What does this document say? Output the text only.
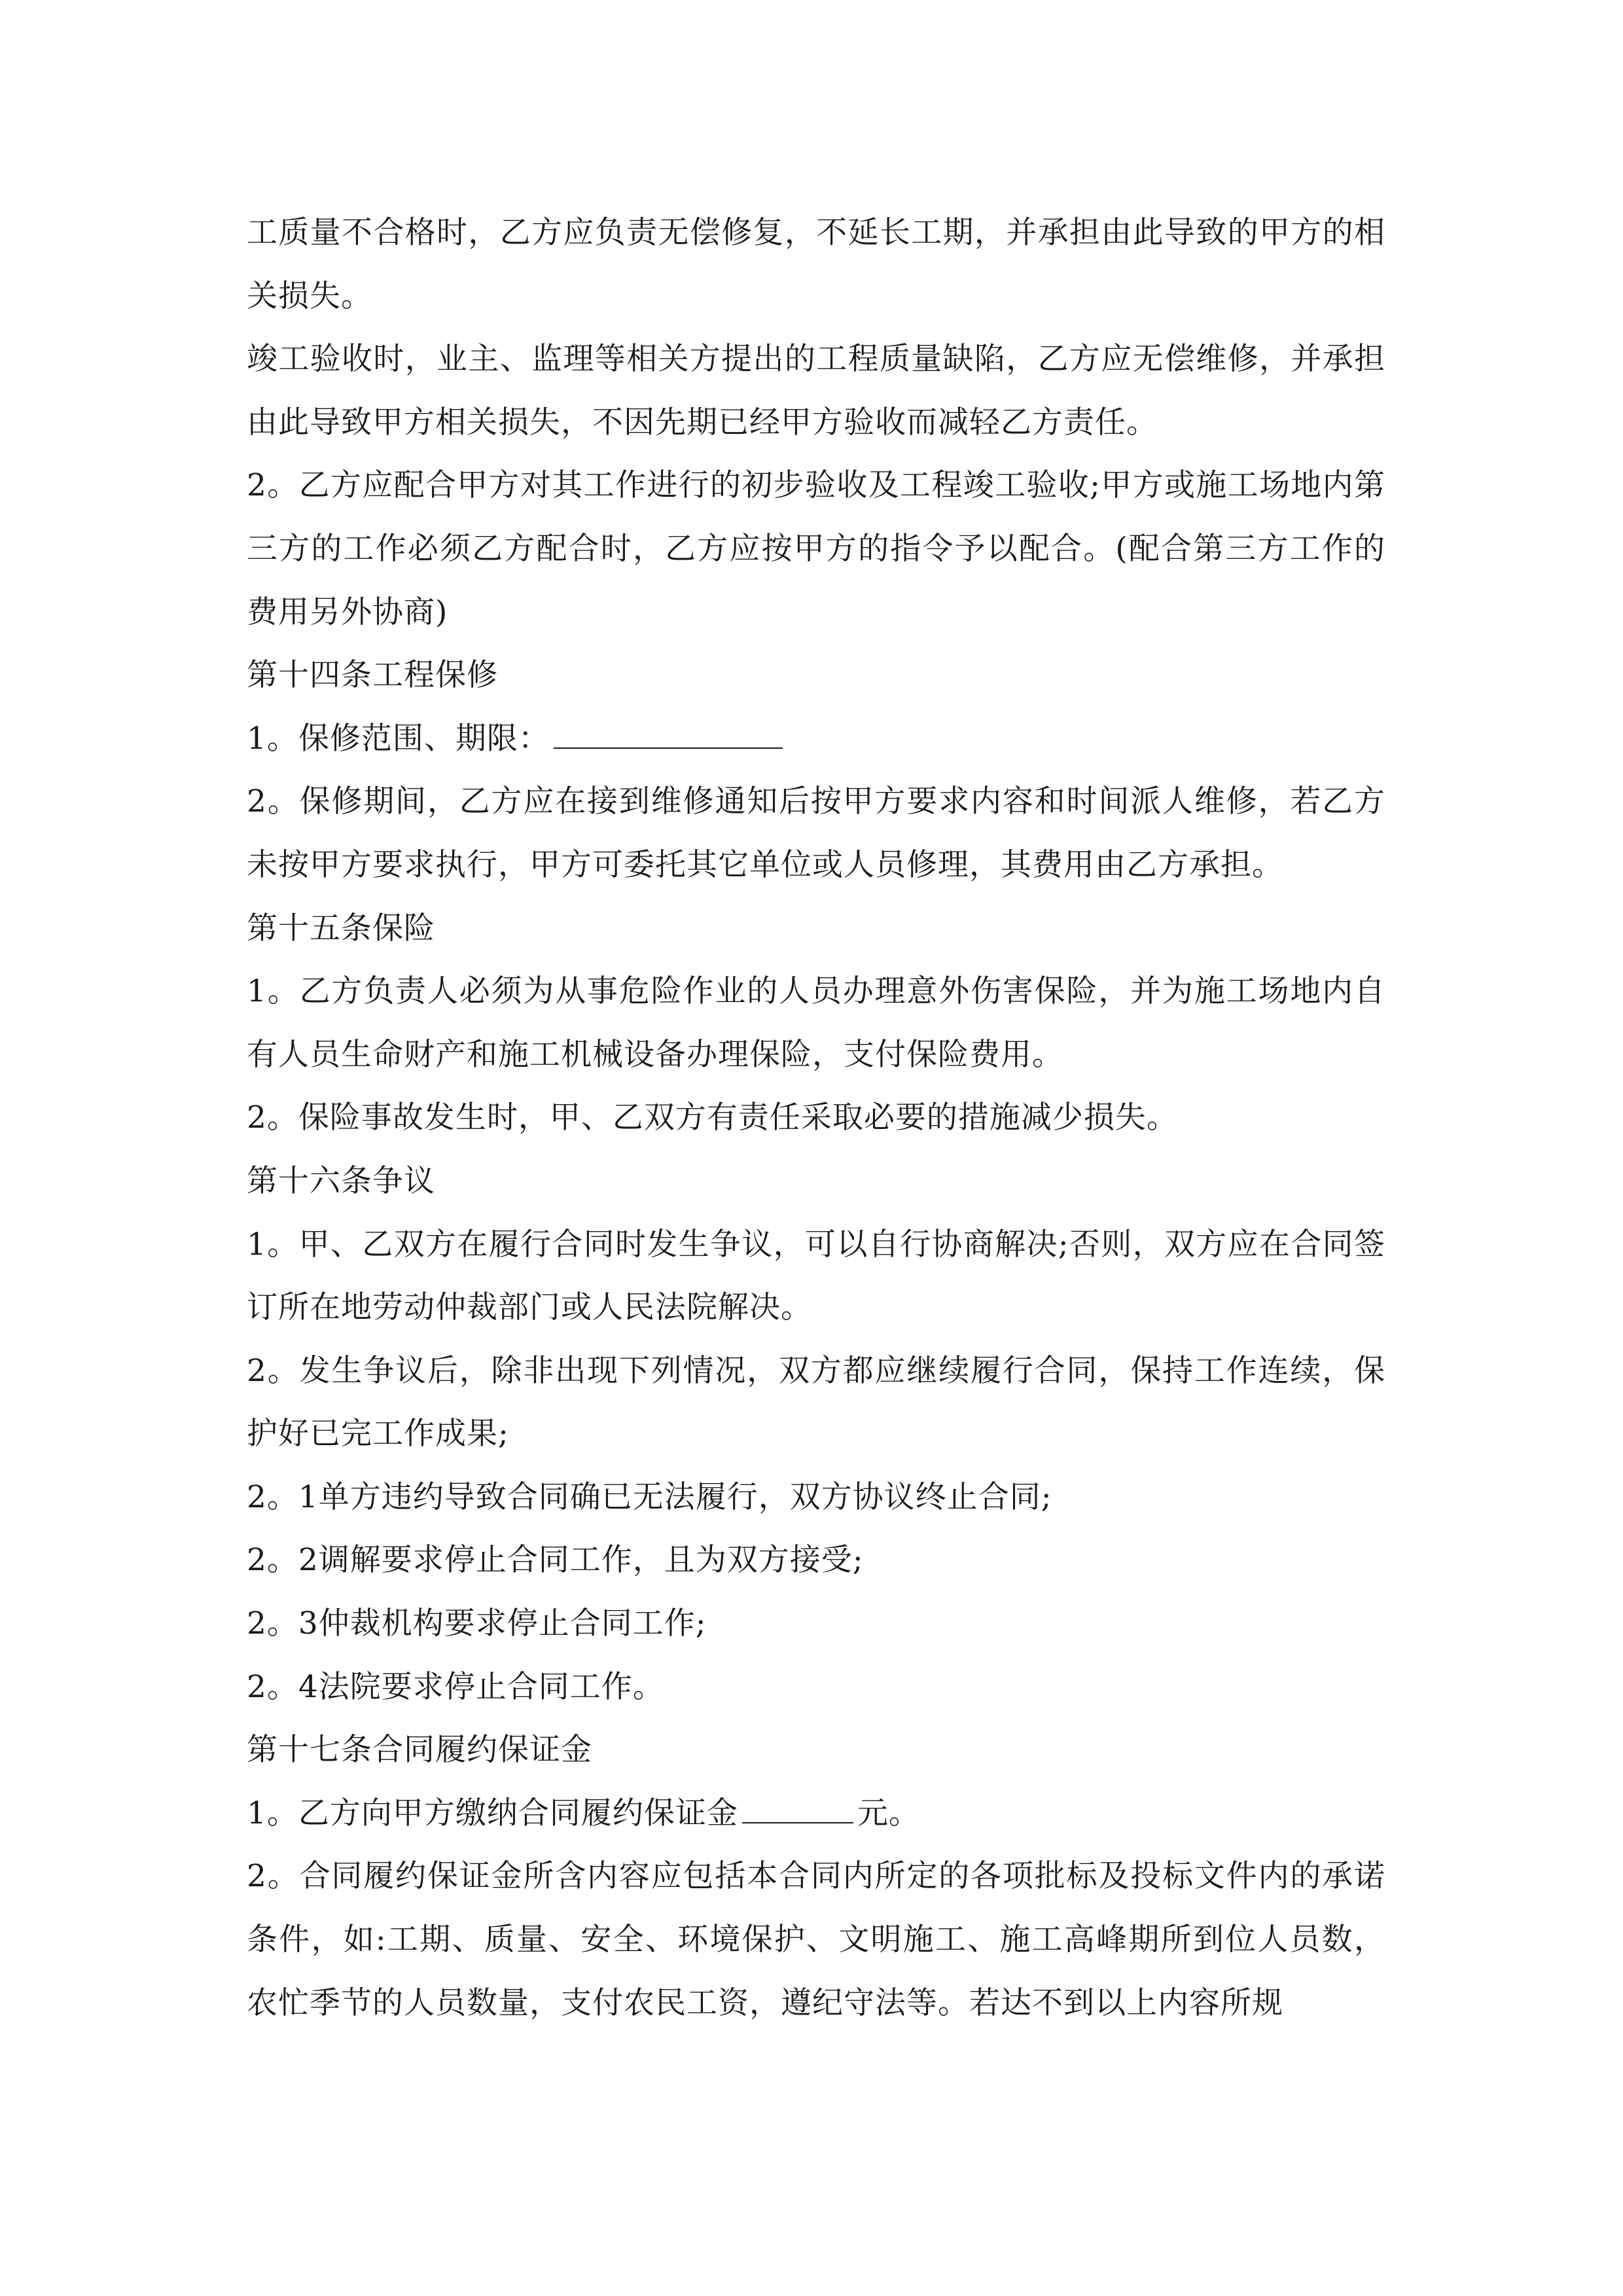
工质量不合格时，乙方应负责无偿修复，不延长工期，并承担由此导致的甲方的相关损失。

竣工验收时，业主、监理等相关方提出的工程质量缺陷，乙方应无偿维修，并承担由此导致甲方相关损失，不因先期已经甲方验收而减轻乙方责任。

2。乙方应配合甲方对其工作进行的初步验收及工程竣工验收;甲方或施工场地内第三方的工作必须乙方配合时，乙方应按甲方的指令予以配合。(配合第三方工作的费用另外协商)

第十四条工程保修

1。保修范围、期限：

2。保修期间，乙方应在接到维修通知后按甲方要求内容和时间派人维修，若乙方未按甲方要求执行，甲方可委托其它单位或人员修理，其费用由乙方承担。

第十五条保险

1。乙方负责人必须为从事危险作业的人员办理意外伤害保险，并为施工场地内自有人员生命财产和施工机械设备办理保险，支付保险费用。

2。保险事故发生时，甲、乙双方有责任采取必要的措施减少损失。

第十六条争议

1。甲、乙双方在履行合同时发生争议，可以自行协商解决;否则，双方应在合同签订所在地劳动仲裁部门或人民法院解决。

2。发生争议后，除非出现下列情况，双方都应继续履行合同，保持工作连续，保护好已完工作成果;

2。1单方违约导致合同确已无法履行，双方协议终止合同;

2。2调解要求停止合同工作，且为双方接受;

2。3仲裁机构要求停止合同工作;

2。4法院要求停止合同工作。

第十七条合同履约保证金

1。乙方向甲方缴纳合同履约保证金	元。

2。合同履约保证金所含内容应包括本合同内所定的各项批标及投标文件内的承诺条件，如:工期、质量、安全、环境保护、文明施工、施工高峰期所到位人员数，农忙季节的人员数量，支付农民工资，遵纪守法等。若达不到以上内容所规
